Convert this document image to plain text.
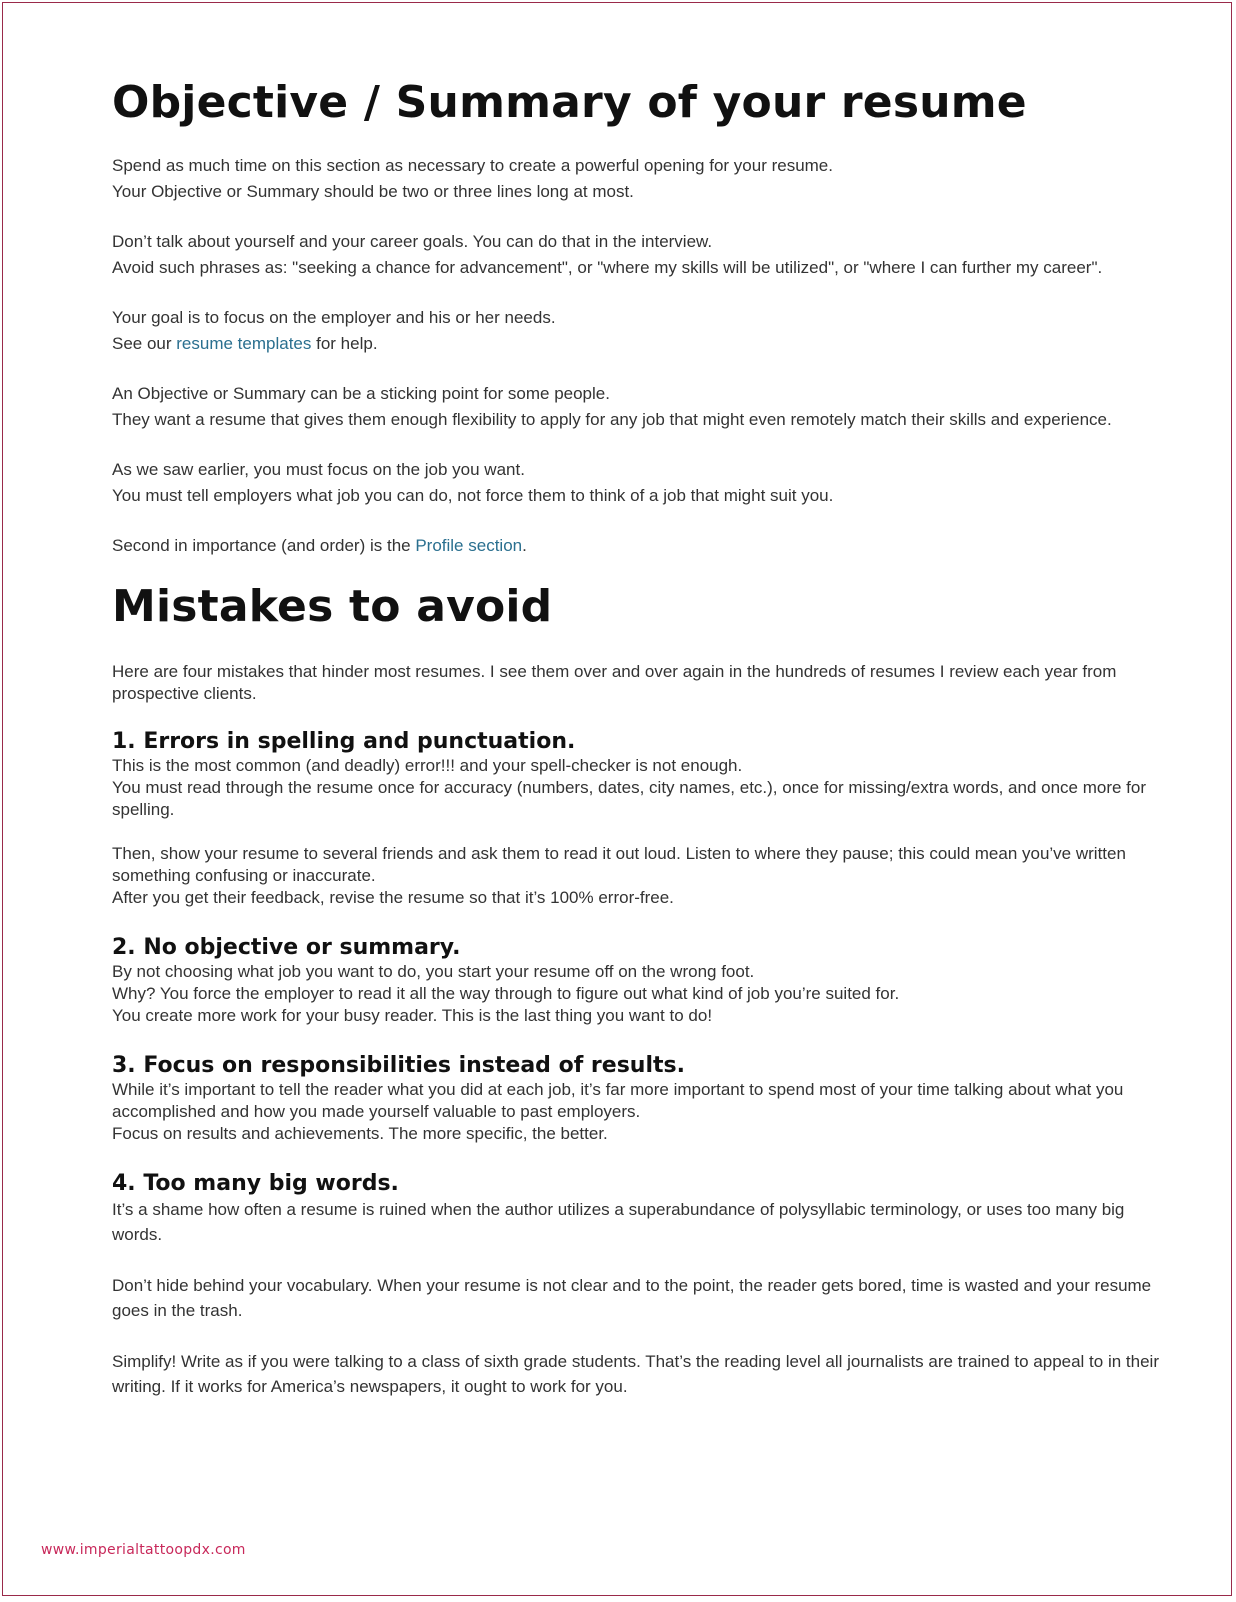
Objective / Summary of your resume

Spend as much time on this section as necessary to create a powerful opening for your resume.

Your Objective or Summary should be two or three lines long at most.

Don’t talk about yourself and your career goals. You can do that in the interview.

Avoid such phrases as: "seeking a chance for advancement", or "where my skills will be utilized", or "where I can further my career".

Your goal is to focus on the employer and his or her needs.

See our resume templates for help.

An Objective or Summary can be a sticking point for some people.

They want a resume that gives them enough flexibility to apply for any job that might even remotely match their skills and experience.

As we saw earlier, you must focus on the job you want.

You must tell employers what job you can do, not force them to think of a job that might suit you.

Second in importance (and order) is the Profile section.

Mistakes to avoid

Here are four mistakes that hinder most resumes. I see them over and over again in the hundreds of resumes I review each year from prospective clients.

1. Errors in spelling and punctuation.

This is the most common (and deadly) error!!! and your spell-checker is not enough.

You must read through the resume once for accuracy (numbers, dates, city names, etc.), once for missing/extra words, and once more for spelling.

Then, show your resume to several friends and ask them to read it out loud. Listen to where they pause; this could mean you’ve written something confusing or inaccurate.

After you get their feedback, revise the resume so that it’s 100% error-free.

2. No objective or summary.

By not choosing what job you want to do, you start your resume off on the wrong foot.

Why? You force the employer to read it all the way through to figure out what kind of job you’re suited for.

You create more work for your busy reader. This is the last thing you want to do!

3. Focus on responsibilities instead of results.

While it’s important to tell the reader what you did at each job, it’s far more important to spend most of your time talking about what you accomplished and how you made yourself valuable to past employers.

Focus on results and achievements. The more specific, the better.

4. Too many big words.

It’s a shame how often a resume is ruined when the author utilizes a superabundance of polysyllabic terminology, or uses too many big words.

Don’t hide behind your vocabulary. When your resume is not clear and to the point, the reader gets bored, time is wasted and your resume goes in the trash.

Simplify! Write as if you were talking to a class of sixth grade students. That’s the reading level all journalists are trained to appeal to in their writing. If it works for America’s newspapers, it ought to work for you.

www.imperialtattoopdx.com
